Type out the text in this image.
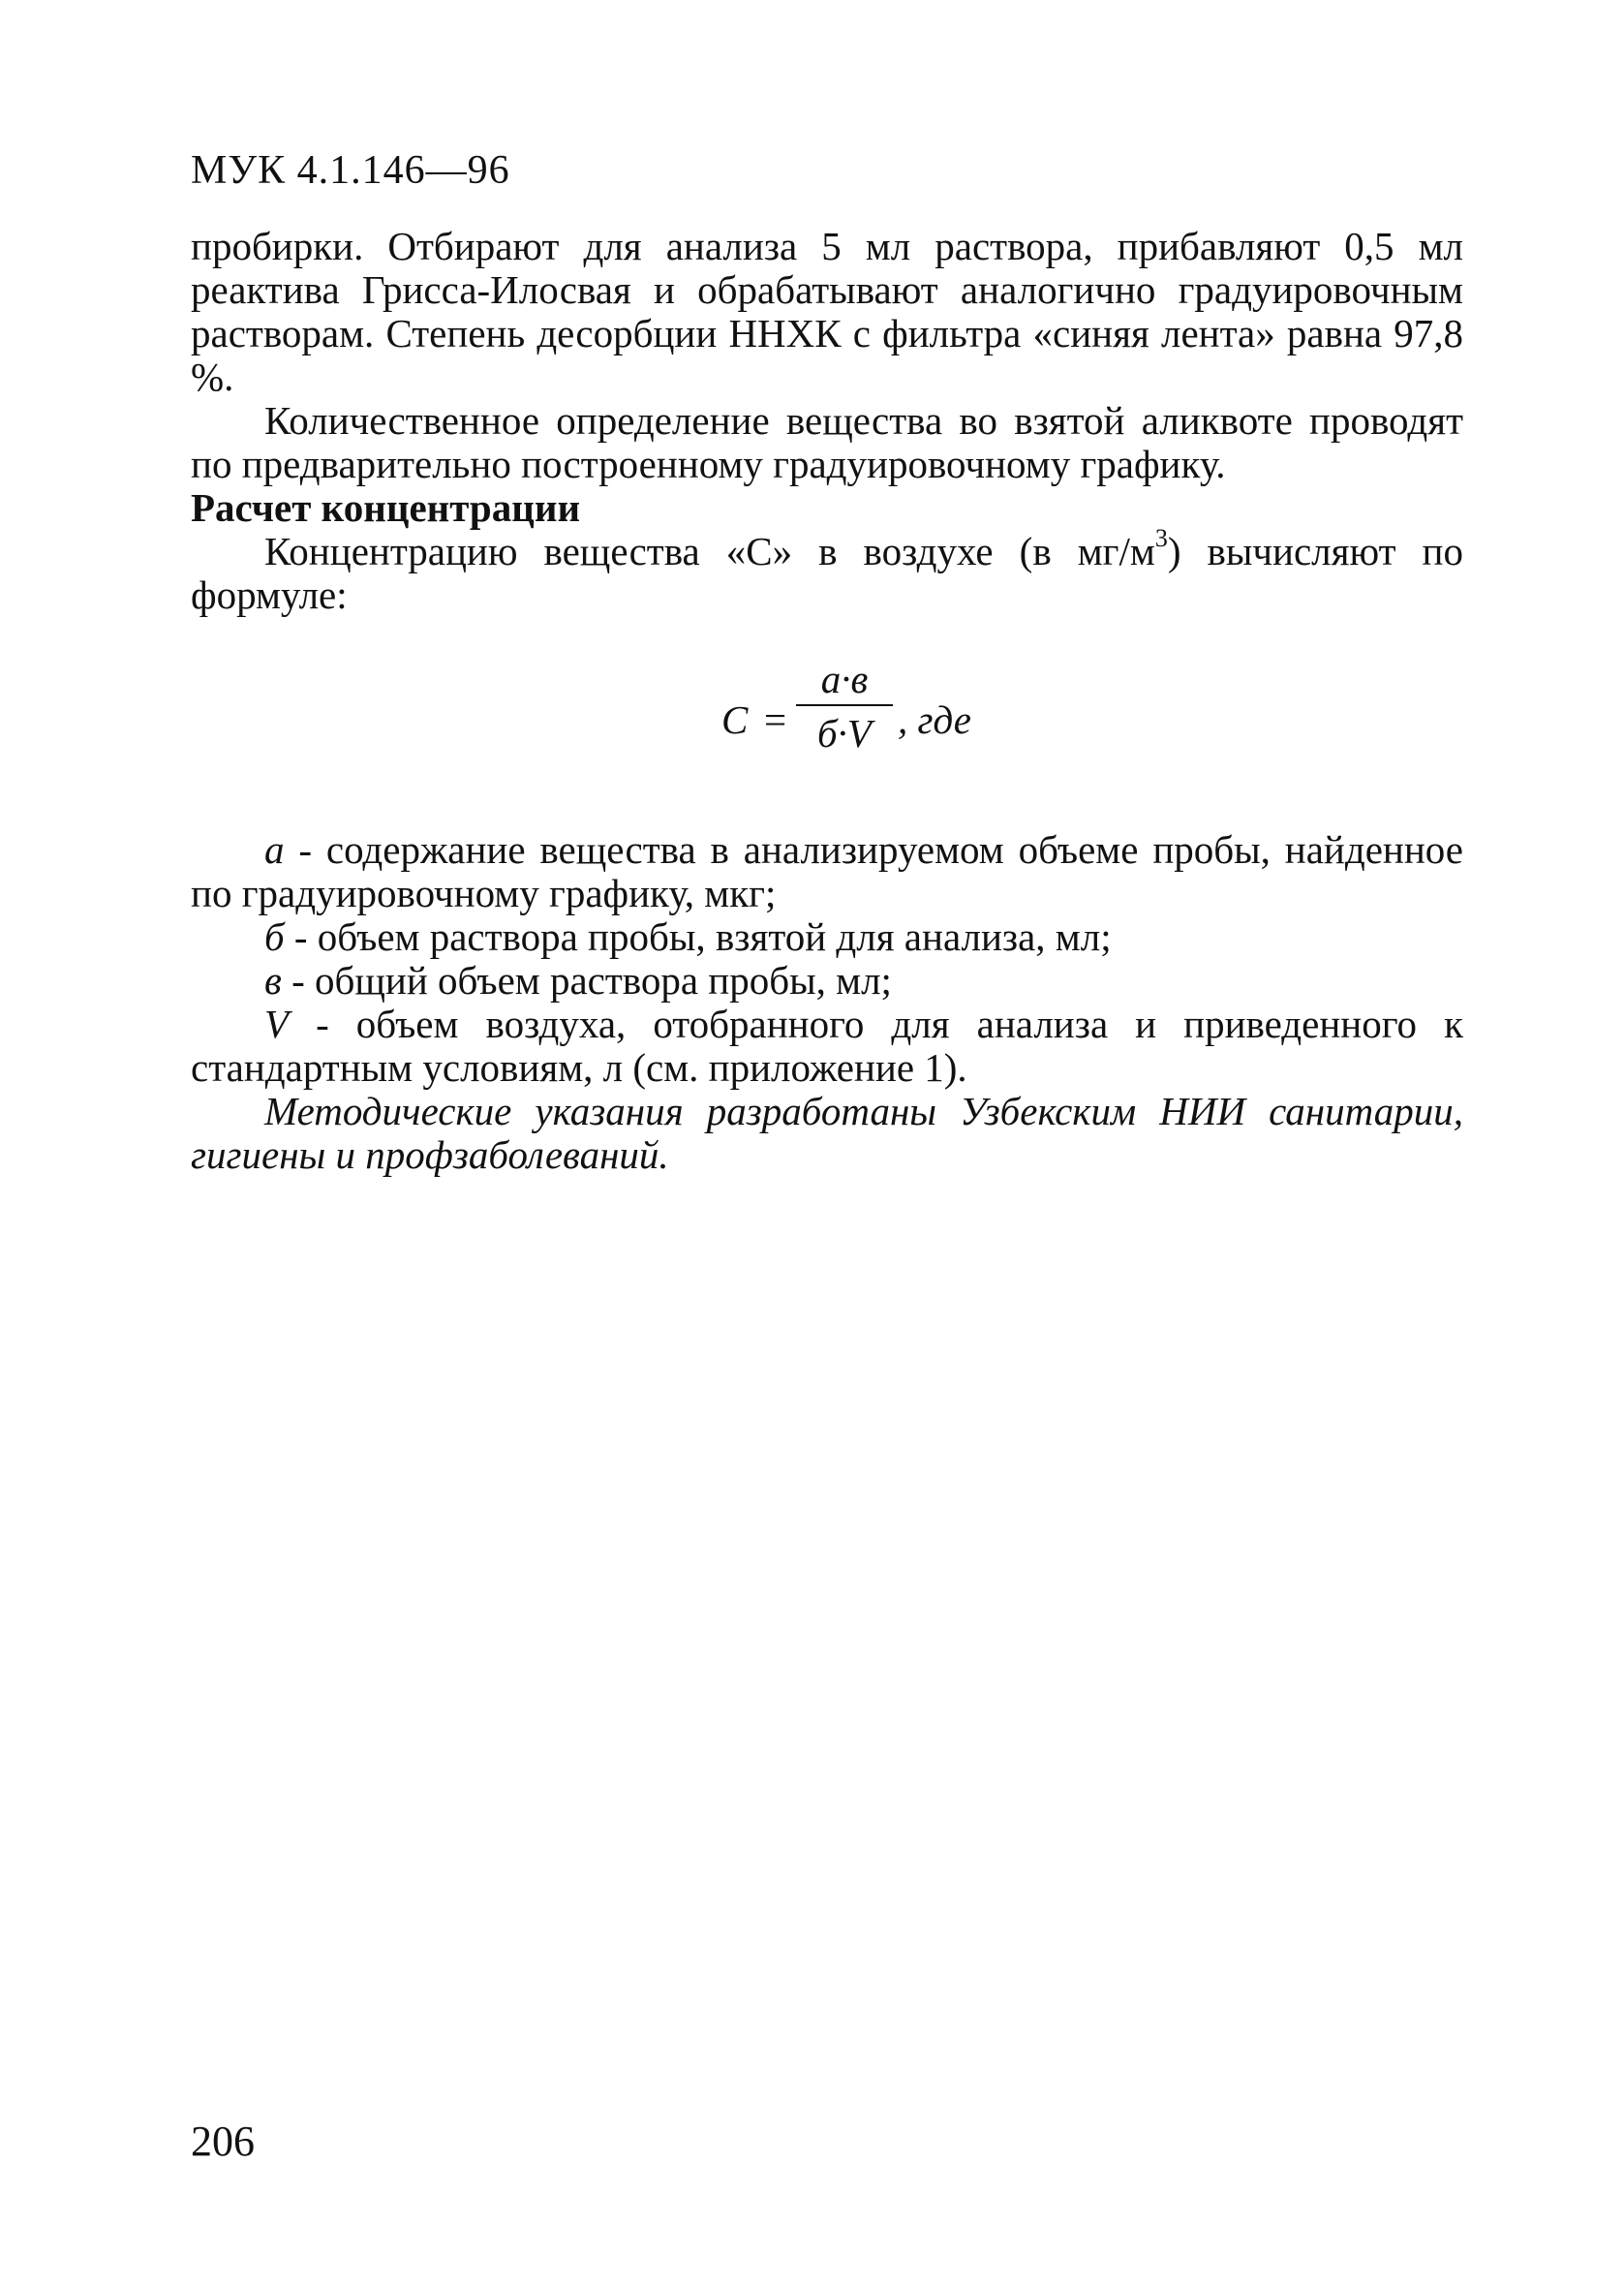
МУК 4.1.146—96

пробирки. Отбирают для анализа 5 мл раствора, прибавляют 0,5 мл реактива Грисса-Илосвая и обрабатывают аналогично градуировочным растворам. Степень десорбции ННХК с фильтра «синяя лента» равна 97,8 %.

Количественное определение вещества во взятой аликвоте проводят по предварительно построенному градуировочному графику.

Расчет концентрации

Концентрацию вещества «С» в воздухе (в $мг/м^3$) вычисляют по формуле:

С =
а·в
б·V , где

а - содержание вещества в анализируемом объеме пробы, найденное по градуировочному графику, мкг;

б - объем раствора пробы, взятой для анализа, мл;

в - общий объем раствора пробы, мл;

V - объем воздуха, отобранного для анализа и приведенного к стандартным условиям, л (см. приложение 1).

Методические указания разработаны Узбекским НИИ санитарии, гигиены и профзаболеваний.

206
